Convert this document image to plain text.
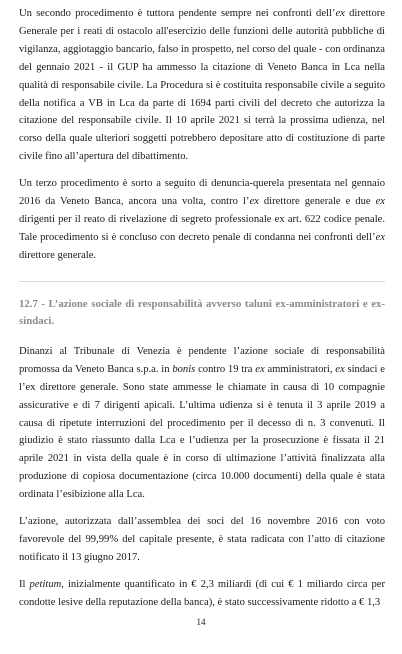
Un secondo procedimento è tuttora pendente sempre nei confronti dell’ex direttore Generale per i reati di ostacolo all'esercizio delle funzioni delle autorità pubbliche di vigilanza, aggiotaggio bancario, falso in prospetto, nel corso del quale - con ordinanza del gennaio 2021 - il GUP ha ammesso la citazione di Veneto Banca in Lca nella qualità di responsabile civile. La Procedura si è costituita responsabile civile a seguito della notifica a VB in Lca da parte di 1694 parti civili del decreto che autorizza la citazione del responsabile civile. Il 10 aprile 2021 si terrà la prossima udienza, nel corso della quale ulteriori soggetti potrebbero depositare atto di costituzione di parte civile fino all’apertura del dibattimento.

Un terzo procedimento è sorto a seguito di denuncia-querela presentata nel gennaio 2016 da Veneto Banca, ancora una volta, contro l’ex direttore generale e due ex dirigenti per il reato di rivelazione di segreto professionale ex art. 622 codice penale. Tale procedimento si è concluso con decreto penale di condanna nei confronti dell’ex direttore generale.

12.7 - L’azione sociale di responsabilità avverso taluni ex-amministratori e ex-sindaci.

Dinanzi al Tribunale di Venezia è pendente l’azione sociale di responsabilità promossa da Veneto Banca s.p.a. in bonis contro 19 tra ex amministratori, ex sindaci e l’ex direttore generale. Sono state ammesse le chiamate in causa di 10 compagnie assicurative e di 7 dirigenti apicali. L’ultima udienza si è tenuta il 3 aprile 2019 a causa di ripetute interruzioni del procedimento per il decesso di n. 3 convenuti. Il giudizio è stato riassunto dalla Lca e l’udienza per la prosecuzione è fissata il 21 aprile 2021 in vista della quale è in corso di ultimazione l’attività finalizzata alla produzione di copiosa documentazione (circa 10.000 documenti) della quale è stata ordinata l’esibizione alla Lca.

L’azione, autorizzata dall’assemblea dei soci del 16 novembre 2016 con voto favorevole del 99,99% del capitale presente, è stata radicata con l’atto di citazione notificato il 13 giugno 2017.

Il petitum, inizialmente quantificato in € 2,3 miliardi (di cui € 1 miliardo circa per condotte lesive della reputazione della banca), è stato successivamente ridotto a € 1,3

14
